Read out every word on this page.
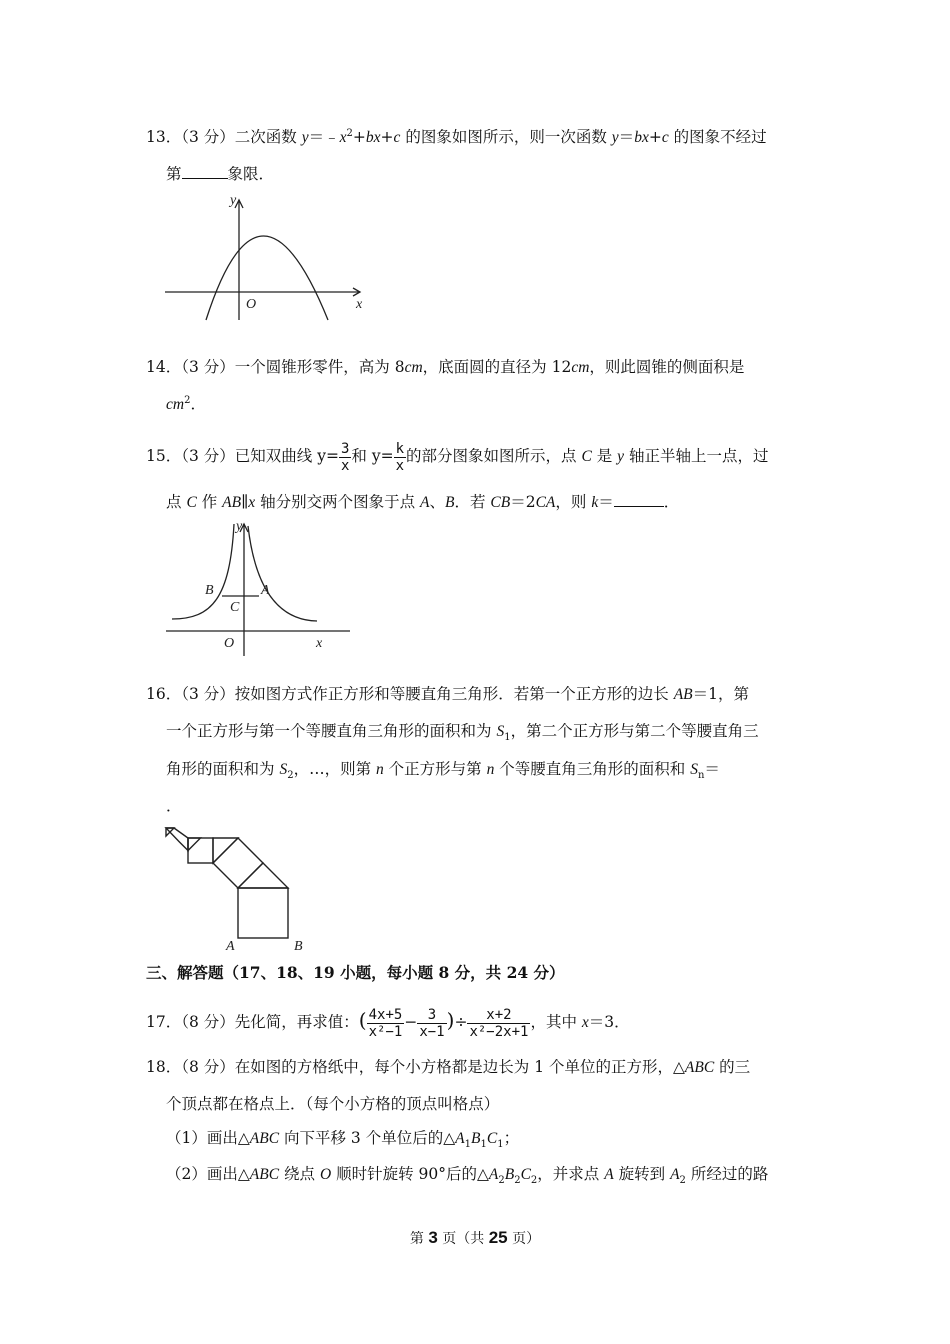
13．（3 分）二次函数 $y=﹣x^2+bx+c$ 的图象如图所示，则一次函数 y＝bx+c 的图象不经过
第	象限．
y
O	x
14．（3 分）一个圆锥形零件，高为 8cm，底面圆的直径为 12cm，则此圆锥的侧面积是
$cm^2$．
15．（3 分）已知双曲线 $y= \frac{3}{x}$ 和 $y= \frac{k}{x}$ 的部分图象如图所示，点 C 是 y 轴正半轴上一点，过
点 C 作 AB∥x 轴分别交两个图象于点 A、B．若 CB＝2CA，则 k＝	．
y
B	A
C
O	x
16．（3 分）按如图方式作正方形和等腰直角三角形．若第一个正方形的边长 AB＝1，第
一个正方形与第一个等腰直角三角形的面积和为 $S_1$，第二个正方形与第二个等腰直角三
角形的面积和为 $S_2$，…，则第 n 个正方形与第 n 个等腰直角三角形的面积和 $S_n=$
．
A	B
三、解答题（17、18、19 小题，每小题 8 分，共 24 分）
17．（8 分）先化简，再求值：( $\frac{4x+5}{\text{x²−1}} - \frac{3}{x-1}$ )÷ $\frac{x+2}{\text{x²−2x+1}}$ ，其中 x＝3．
18．（8 分）在如图的方格纸中，每个小方格都是边长为 1 个单位的正方形，△ABC 的三
个顶点都在格点上．（每个小方格的顶点叫格点）
（1）画出△ABC 向下平移 3 个单位后的$\triangle A_1B_1C_1$；
（2）画出△ABC 绕点 O 顺时针旋转 90°后的$\triangle A_2B_2C_2$，并求点 A 旋转到 $A_2$ 所经过的路
第 3 页（共 25 页）
